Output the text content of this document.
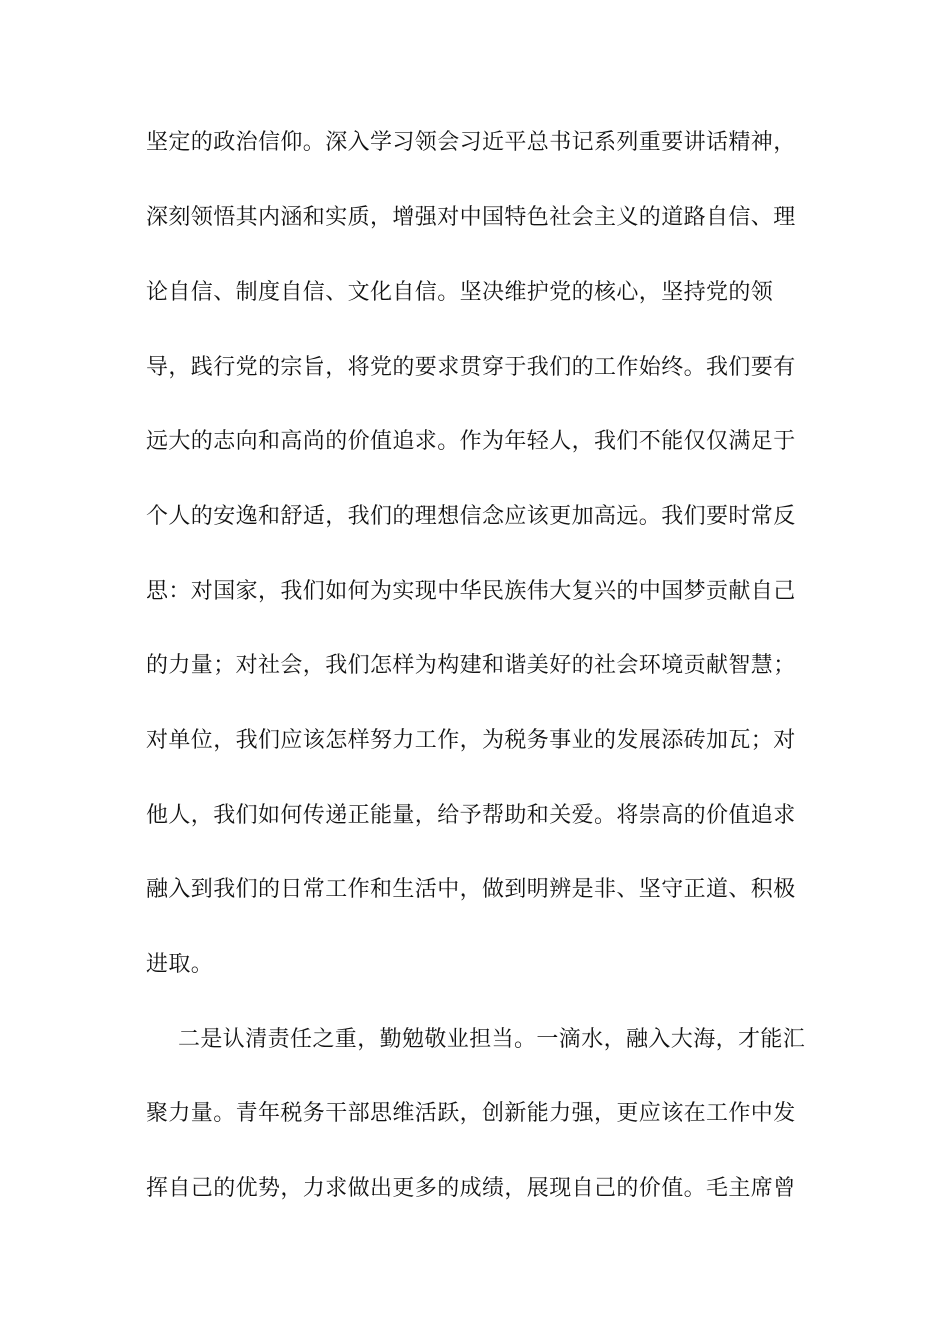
坚定的政治信仰。深入学习领会习近平总书记系列重要讲话精神，
深刻领悟其内涵和实质，增强对中国特色社会主义的道路自信、理
论自信、制度自信、文化自信。坚决维护党的核心，坚持党的领
导，践行党的宗旨，将党的要求贯穿于我们的工作始终。我们要有
远大的志向和高尚的价值追求。作为年轻人，我们不能仅仅满足于
个人的安逸和舒适，我们的理想信念应该更加高远。我们要时常反
思：对国家，我们如何为实现中华民族伟大复兴的中国梦贡献自己
的力量；对社会，我们怎样为构建和谐美好的社会环境贡献智慧；
对单位，我们应该怎样努力工作，为税务事业的发展添砖加瓦；对
他人，我们如何传递正能量，给予帮助和关爱。将崇高的价值追求
融入到我们的日常工作和生活中，做到明辨是非、坚守正道、积极
进取。
二是认清责任之重，勤勉敬业担当。一滴水，融入大海，才能汇
聚力量。青年税务干部思维活跃，创新能力强，更应该在工作中发
挥自己的优势，力求做出更多的成绩，展现自己的价值。毛主席曾
